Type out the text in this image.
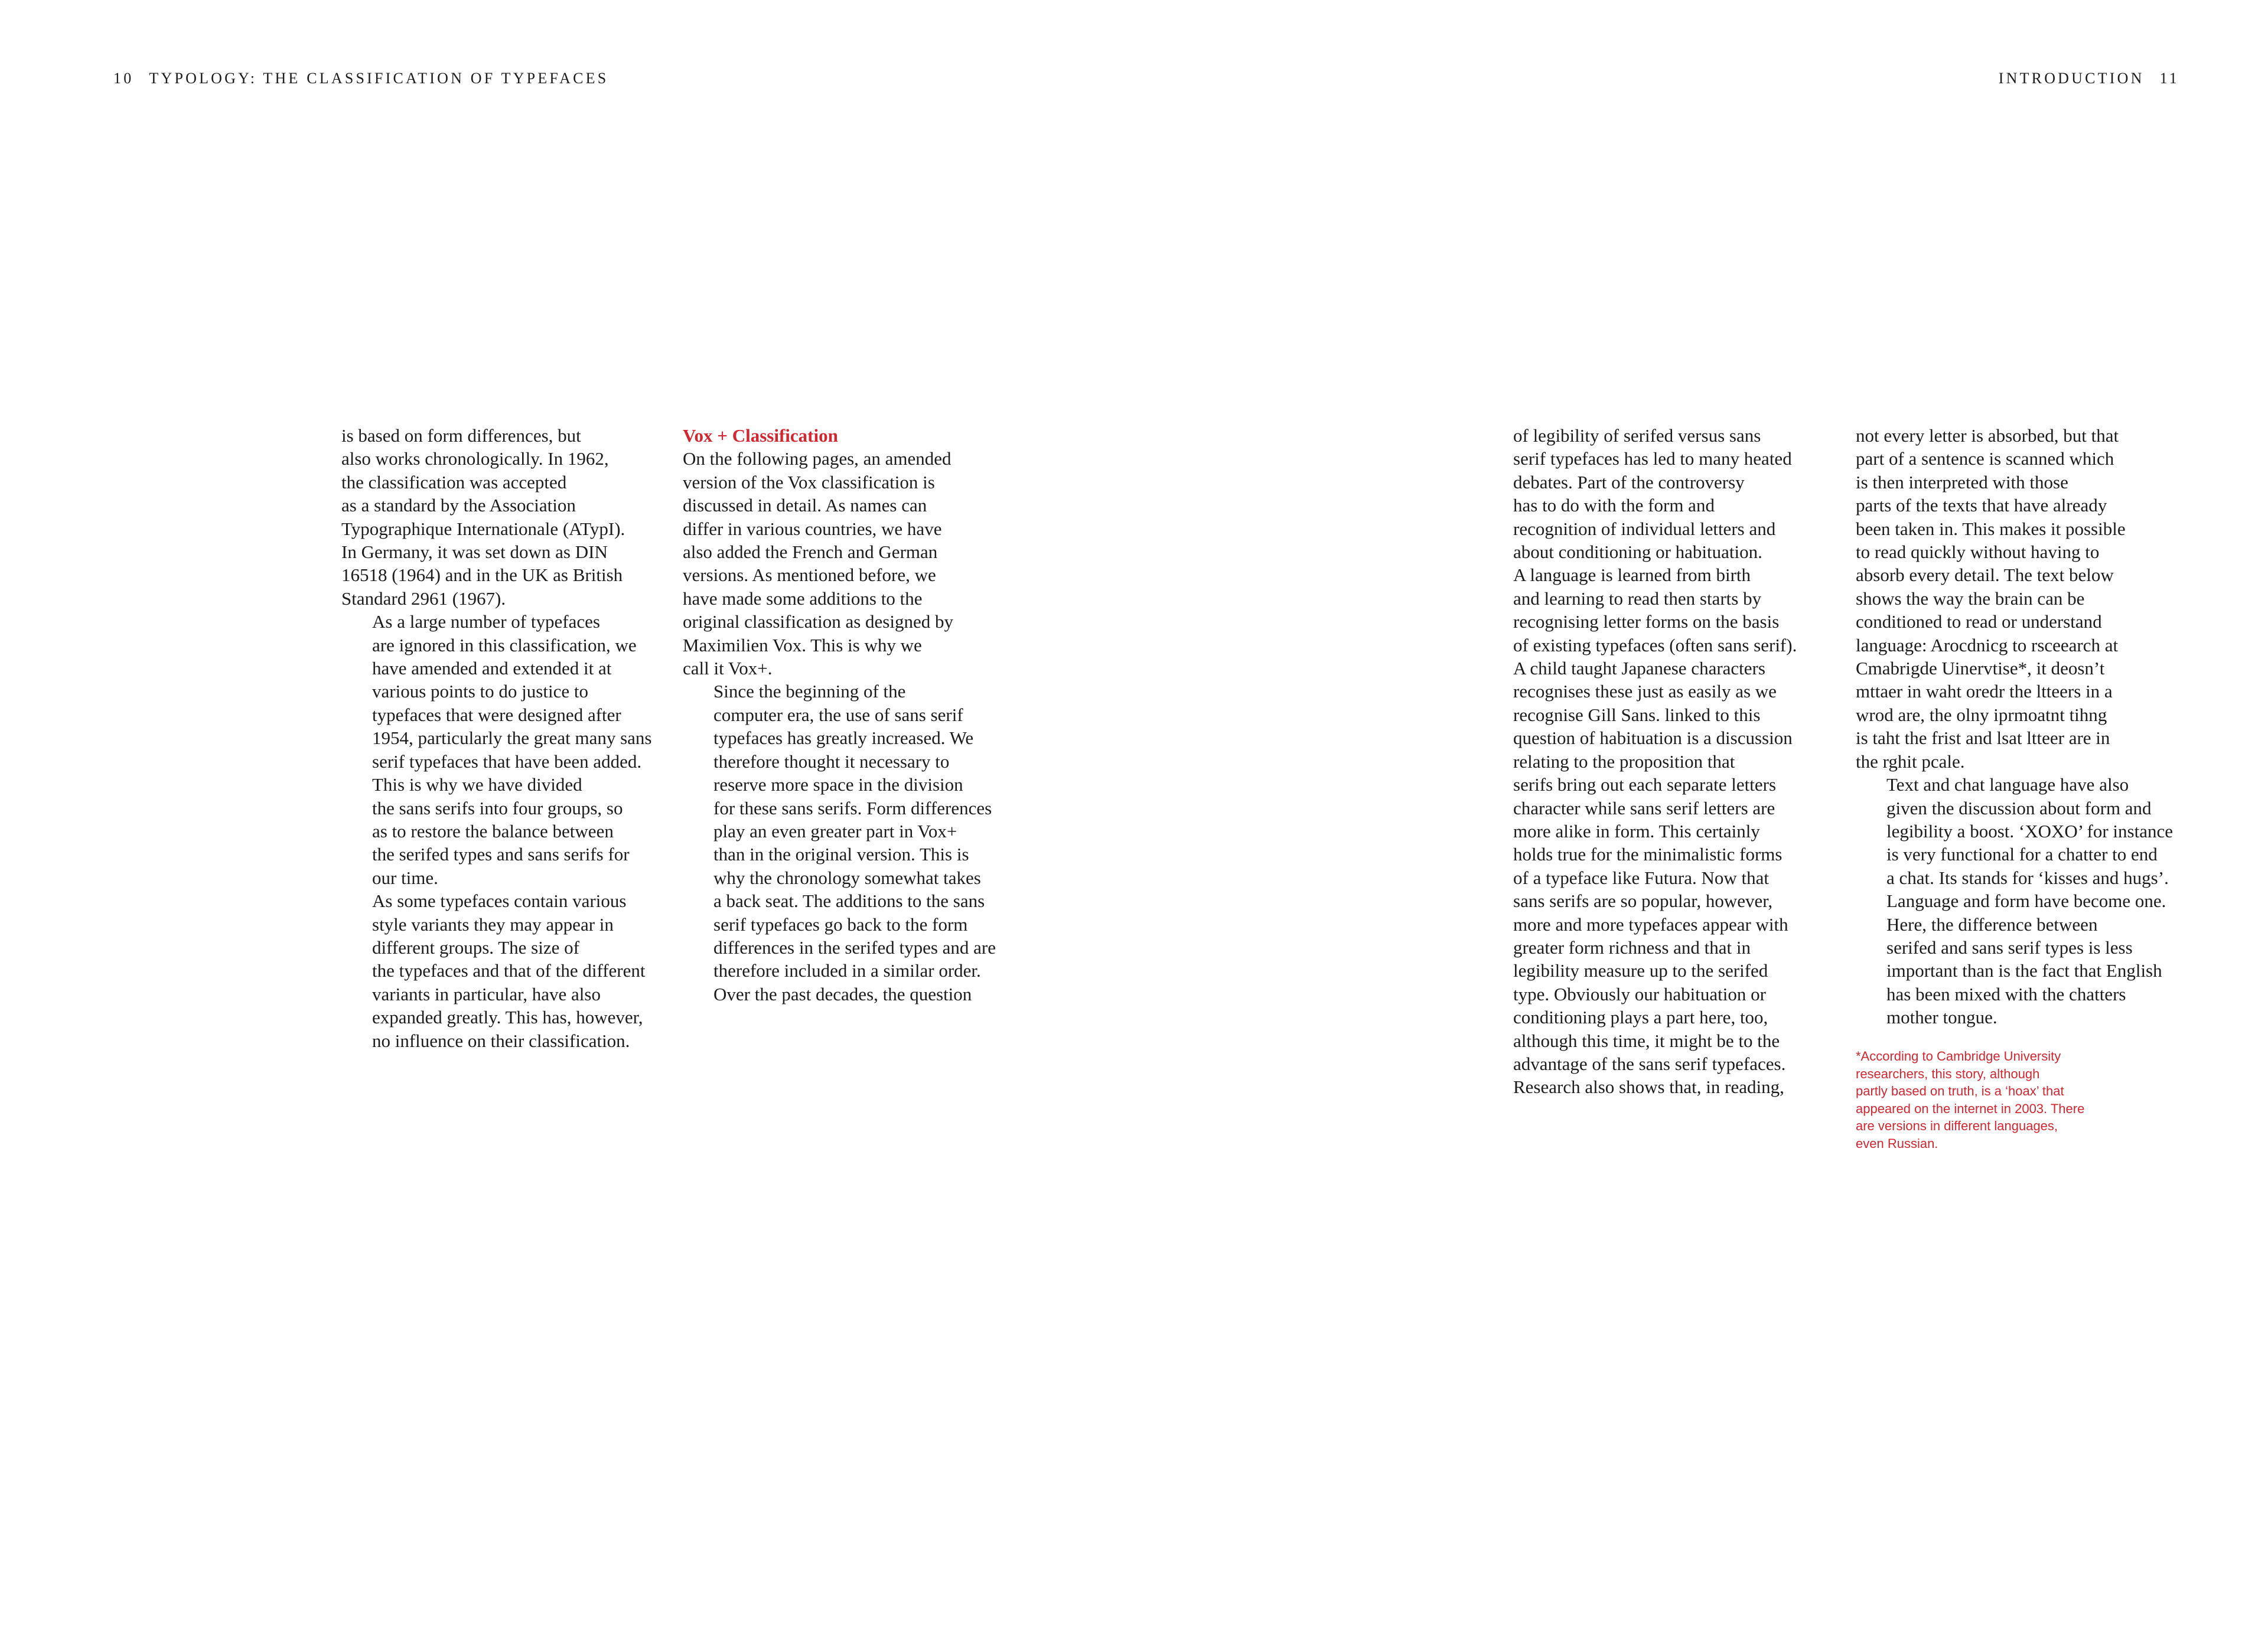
10 TYPOLOGY: THE CLASSIFICATION OF TYPEFACES	INTRODUCTION 11

is based on form differences, but
also works chronologically. In 1962,
the classification was accepted
as a standard by the Association
Typographique Internationale (ATypI).
In Germany, it was set down as DIN
16518 (1964) and in the UK as British
Standard 2961 (1967).

As a large number of typefaces
are ignored in this classification, we
have amended and extended it at
various points to do justice to
typefaces that were designed after
1954, particularly the great many sans
serif typefaces that have been added.
This is why we have divided
the sans serifs into four groups, so
as to restore the balance between
the serifed types and sans serifs for
our time.

As some typefaces contain various
style variants they may appear in
different groups. The size of
the typefaces and that of the different
variants in particular, have also
expanded greatly. This has, however,
no influence on their classification.

Vox + Classification

On the following pages, an amended
version of the Vox classification is
discussed in detail. As names can
differ in various countries, we have
also added the French and German
versions. As mentioned before, we
have made some additions to the
original classification as designed by
Maximilien Vox. This is why we
call it Vox+.

Since the beginning of the
computer era, the use of sans serif
typefaces has greatly increased. We
therefore thought it necessary to
reserve more space in the division
for these sans serifs. Form differences
play an even greater part in Vox+
than in the original version. This is
why the chronology somewhat takes
a back seat. The additions to the sans
serif typefaces go back to the form
differences in the serifed types and are
therefore included in a similar order.
Over the past decades, the question

of legibility of serifed versus sans
serif typefaces has led to many heated
debates. Part of the controversy
has to do with the form and
recognition of individual letters and
about conditioning or habituation.
A language is learned from birth
and learning to read then starts by
recognising letter forms on the basis
of existing typefaces (often sans serif).
A child taught Japanese characters
recognises these just as easily as we
recognise Gill Sans. linked to this
question of habituation is a discussion
relating to the proposition that
serifs bring out each separate letters
character while sans serif letters are
more alike in form. This certainly
holds true for the minimalistic forms
of a typeface like Futura. Now that
sans serifs are so popular, however,
more and more typefaces appear with
greater form richness and that in
legibility measure up to the serifed
type. Obviously our habituation or
conditioning plays a part here, too,
although this time, it might be to the
advantage of the sans serif typefaces.
Research also shows that, in reading,

not every letter is absorbed, but that
part of a sentence is scanned which
is then interpreted with those
parts of the texts that have already
been taken in. This makes it possible
to read quickly without having to
absorb every detail. The text below
shows the way the brain can be
conditioned to read or understand
language: Arocdnicg to rsceearch at
Cmabrigde Uinervtise*, it deosn’t
mttaer in waht oredr the ltteers in a
wrod are, the olny iprmoatnt tihng
is taht the frist and lsat ltteer are in
the rghit pcale.

Text and chat language have also
given the discussion about form and
legibility a boost. ‘XOXO’ for instance
is very functional for a chatter to end
a chat. Its stands for ‘kisses and hugs’.
Language and form have become one.
Here, the difference between
serifed and sans serif types is less
important than is the fact that English
has been mixed with the chatters
mother tongue.

*According to Cambridge University
researchers, this story, although
partly based on truth, is a ‘hoax’ that
appeared on the internet in 2003. There
are versions in different languages,
even Russian.
